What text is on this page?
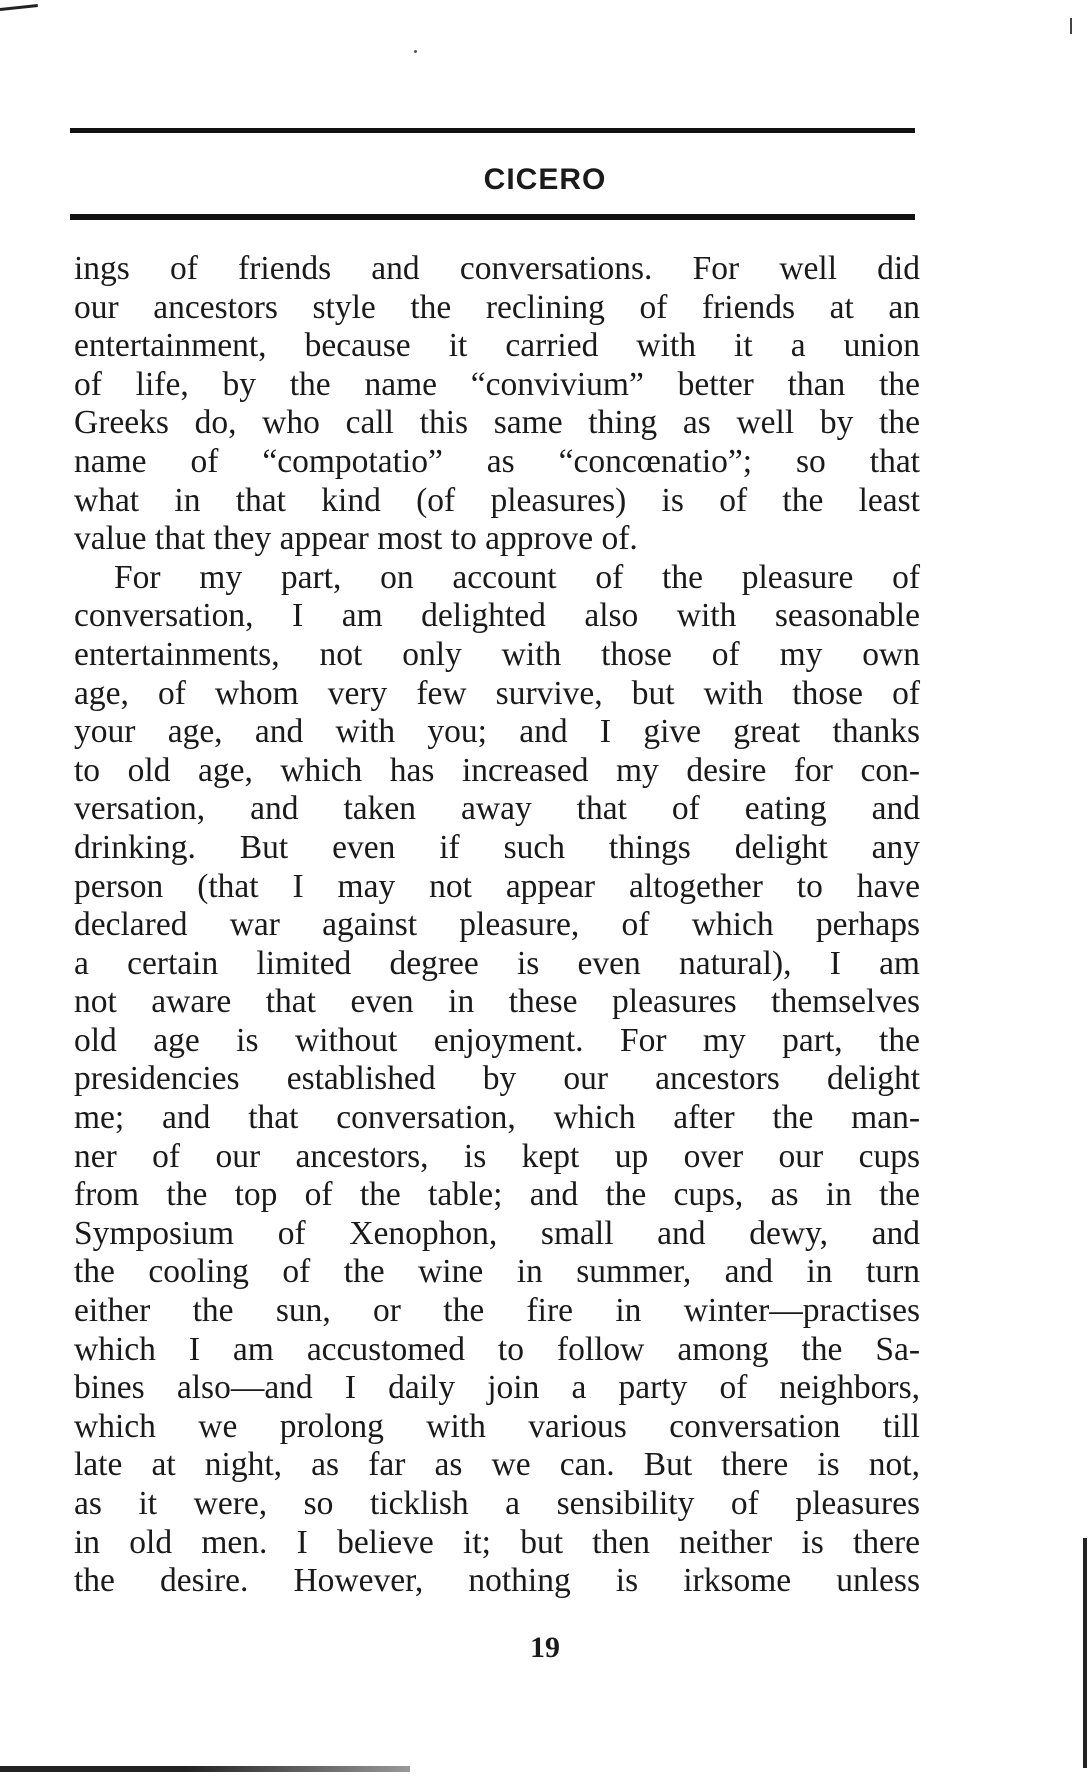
CICERO
ings of friends and conversations. For well did
our ancestors style the reclining of friends at an
entertainment, because it carried with it a union
of life, by the name “convivium” better than the
Greeks do, who call this same thing as well by the
name of “compotatio” as “concœnatio”; so that
what in that kind (of pleasures) is of the least
value that they appear most to approve of.
For my part, on account of the pleasure of
conversation, I am delighted also with seasonable
entertainments, not only with those of my own
age, of whom very few survive, but with those of
your age, and with you; and I give great thanks
to old age, which has increased my desire for con-
versation, and taken away that of eating and
drinking. But even if such things delight any
person (that I may not appear altogether to have
declared war against pleasure, of which perhaps
a certain limited degree is even natural), I am
not aware that even in these pleasures themselves
old age is without enjoyment. For my part, the
presidencies established by our ancestors delight
me; and that conversation, which after the man-
ner of our ancestors, is kept up over our cups
from the top of the table; and the cups, as in the
Symposium of Xenophon, small and dewy, and
the cooling of the wine in summer, and in turn
either the sun, or the fire in winter—practises
which I am accustomed to follow among the Sa-
bines also—and I daily join a party of neighbors,
which we prolong with various conversation till
late at night, as far as we can. But there is not,
as it were, so ticklish a sensibility of pleasures
in old men. I believe it; but then neither is there
the desire. However, nothing is irksome unless
19
